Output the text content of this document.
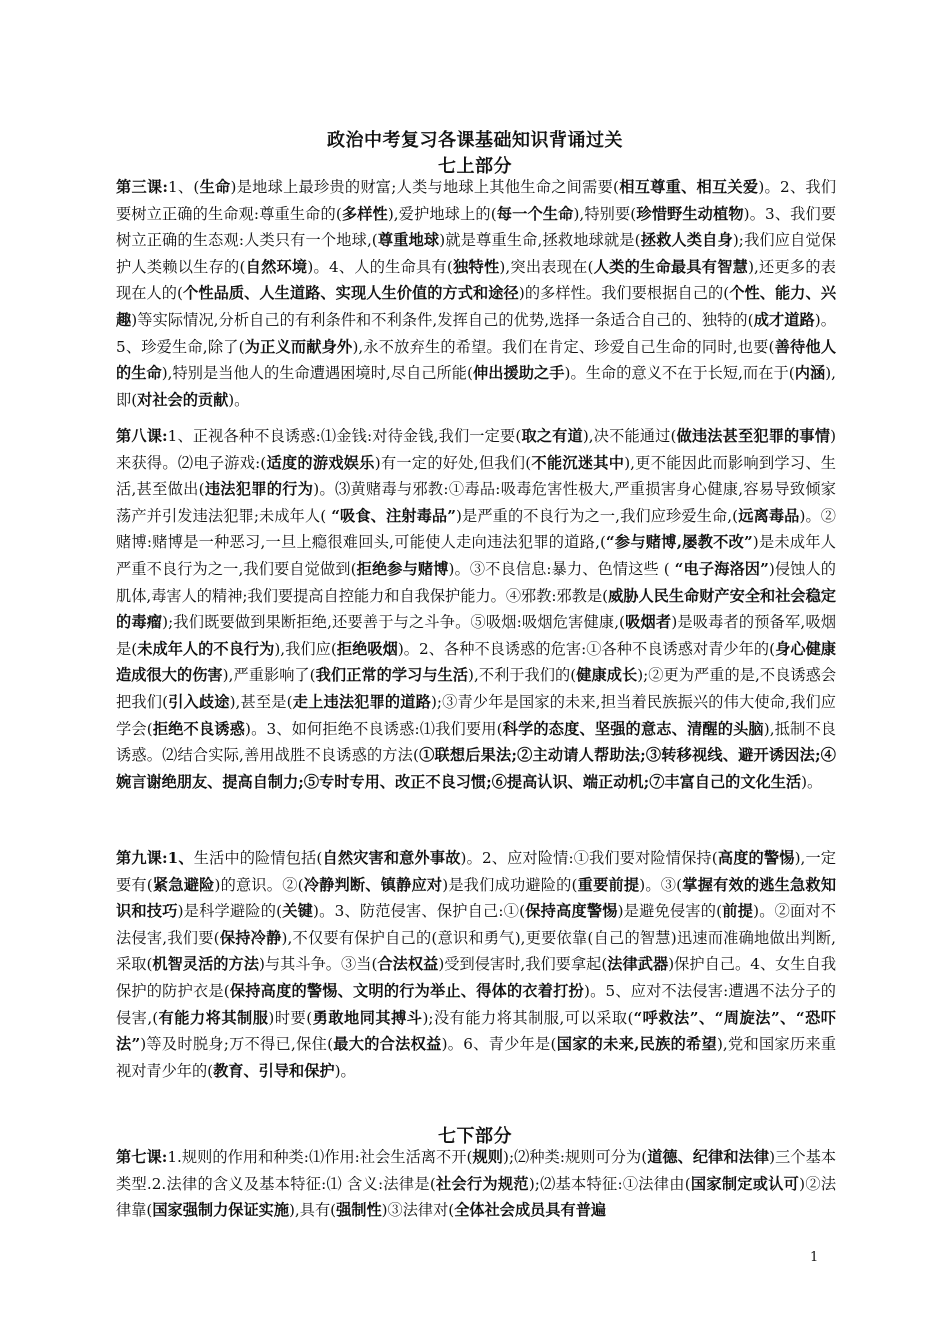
政治中考复习各课基础知识背诵过关
七上部分
第三课:1、(生命)是地球上最珍贵的财富;人类与地球上其他生命之间需要(相互尊重、相互关爱)。2、我们要树立正确的生命观:尊重生命的(多样性),爱护地球上的(每一个生命),特别要(珍惜野生动植物)。3、我们要树立正确的生态观:人类只有一个地球,(尊重地球)就是尊重生命,拯救地球就是(拯救人类自身);我们应自觉保护人类赖以生存的(自然环境)。4、人的生命具有(独特性),突出表现在(人类的生命最具有智慧),还更多的表现在人的(个性品质、人生道路、实现人生价值的方式和途径)的多样性。我们要根据自己的(个性、能力、兴趣)等实际情况,分析自己的有利条件和不利条件,发挥自己的优势,选择一条适合自己的、独特的(成才道路)。5、珍爱生命,除了(为正义而献身外),永不放弃生的希望。我们在肯定、珍爱自己生命的同时,也要(善待他人的生命),特别是当他人的生命遭遇困境时,尽自己所能(伸出援助之手)。生命的意义不在于长短,而在于(内涵),即(对社会的贡献)。
第八课:1、正视各种不良诱惑:⑴金钱:对待金钱,我们一定要(取之有道),决不能通过(做违法甚至犯罪的事情)来获得。⑵电子游戏:(适度的游戏娱乐)有一定的好处,但我们(不能沉迷其中),更不能因此而影响到学习、生活,甚至做出(违法犯罪的行为)。⑶黄赌毒与邪教:①毒品:吸毒危害性极大,严重损害身心健康,容易导致倾家荡产并引发违法犯罪;未成年人( “吸食、注射毒品”)是严重的不良行为之一,我们应珍爱生命,(远离毒品)。②赌博:赌博是一种恶习,一旦上瘾很难回头,可能使人走向违法犯罪的道路,(“参与赌博,屡教不改”)是未成年人严重不良行为之一,我们要自觉做到(拒绝参与赌博)。③不良信息:暴力、色情这些 ( “电子海洛因”)侵蚀人的肌体,毒害人的精神;我们要提高自控能力和自我保护能力。④邪教:邪教是(威胁人民生命财产安全和社会稳定的毒瘤);我们既要做到果断拒绝,还要善于与之斗争。⑤吸烟:吸烟危害健康,(吸烟者)是吸毒者的预备军,吸烟是(未成年人的不良行为),我们应(拒绝吸烟)。2、各种不良诱惑的危害:①各种不良诱惑对青少年的(身心健康造成很大的伤害),严重影响了(我们正常的学习与生活),不利于我们的(健康成长);②更为严重的是,不良诱惑会把我们(引入歧途),甚至是(走上违法犯罪的道路);③青少年是国家的未来,担当着民族振兴的伟大使命,我们应学会(拒绝不良诱惑)。3、如何拒绝不良诱惑:⑴我们要用(科学的态度、坚强的意志、清醒的头脑),抵制不良诱惑。⑵结合实际,善用战胜不良诱惑的方法(①联想后果法;②主动请人帮助法;③转移视线、避开诱因法;④婉言谢绝朋友、提高自制力;⑤专时专用、改正不良习惯;⑥提高认识、端正动机;⑦丰富自己的文化生活)。
第九课:1、生活中的险情包括(自然灾害和意外事故)。2、应对险情:①我们要对险情保持(高度的警惕),一定要有(紧急避险)的意识。②(冷静判断、镇静应对)是我们成功避险的(重要前提)。③(掌握有效的逃生急救知识和技巧)是科学避险的(关键)。3、防范侵害、保护自己:①(保持高度警惕)是避免侵害的(前提)。②面对不法侵害,我们要(保持冷静),不仅要有保护自己的(意识和勇气),更要依靠(自己的智慧)迅速而准确地做出判断,采取(机智灵活的方法)与其斗争。③当(合法权益)受到侵害时,我们要拿起(法律武器)保护自己。4、女生自我保护的防护衣是(保持高度的警惕、文明的行为举止、得体的衣着打扮)。5、应对不法侵害:遭遇不法分子的侵害,(有能力将其制服)时要(勇敢地同其搏斗);没有能力将其制服,可以采取(“呼救法”、“周旋法”、“恐吓法”)等及时脱身;万不得已,保住(最大的合法权益)。6、青少年是(国家的未来,民族的希望),党和国家历来重视对青少年的(教育、引导和保护)。
七下部分
第七课:1.规则的作用和种类:⑴作用:社会生活离不开(规则);⑵种类:规则可分为(道德、纪律和法律)三个基本类型.2.法律的含义及基本特征:⑴ 含义:法律是(社会行为规范);⑵基本特征:①法律由(国家制定或认可)②法律靠(国家强制力保证实施),具有(强制性)③法律对(全体社会成员具有普遍
1
